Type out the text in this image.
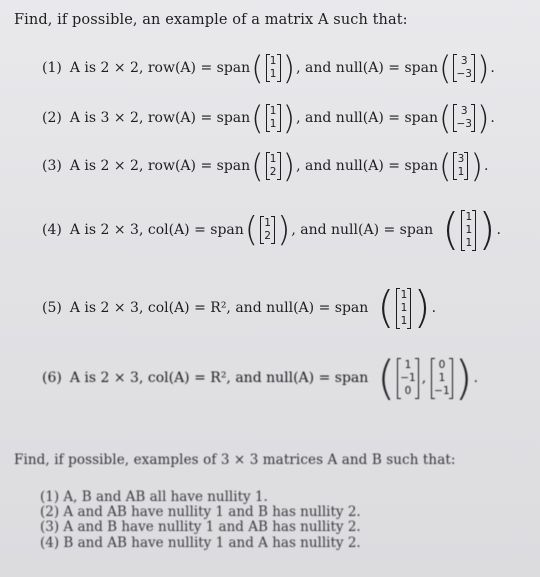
Find, if possible, an example of a matrix A such that:
(1) A is 2 × 2, row(A) = span ( 1
1 ) , and null(A) = span ( 3
−3 ) .
(2) A is 3 × 2, row(A) = span ( 1
1 ) , and null(A) = span ( 3
−3 ) .
(3) A is 2 × 2, row(A) = span ( 1
2 ) , and null(A) = span ( 3
1 ) .
(4) A is 2 × 3, col(A) = span ( 1
2 ) , and null(A) = span ( 1
1
1 ) .
(5) A is 2 × 3, col(A) = R², and null(A) = span ( 1
1
1 ) .
(6) A is 2 × 3, col(A) = R², and null(A) = span ( 1
−1
0
,
0
1
−1 ) .
Find, if possible, examples of 3 × 3 matrices A and B such that:
(1) A, B and AB all have nullity 1.
(2) A and AB have nullity 1 and B has nullity 2.
(3) A and B have nullity 1 and AB has nullity 2.
(4) B and AB have nullity 1 and A has nullity 2.
